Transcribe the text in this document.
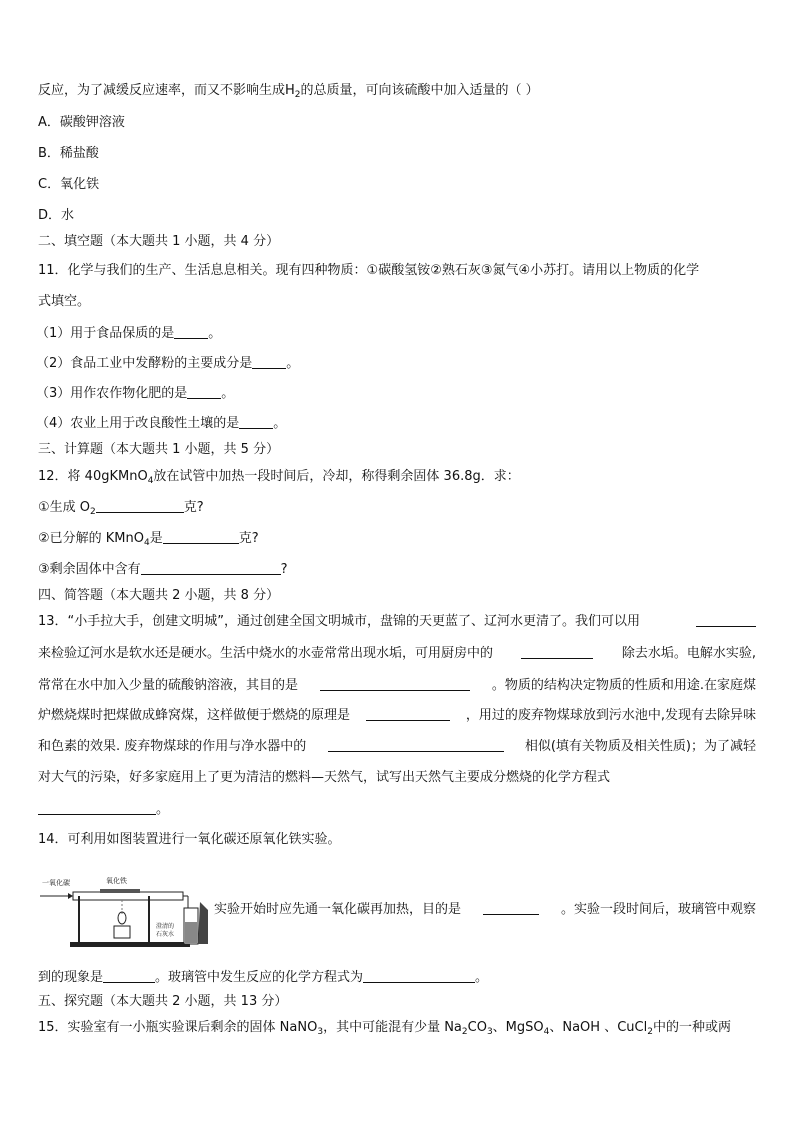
反应，为了减缓反应速率，而又不影响生成$H_2$的总质量，可向该硫酸中加入适量的（ ）
A．碳酸钾溶液
B．稀盐酸
C．氧化铁
D．水
二、填空题（本大题共 1 小题，共 4 分）
11．化学与我们的生产、生活息息相关。现有四种物质：①碳酸氢铵②熟石灰③氮气④小苏打。请用以上物质的化学
式填空。
（1）用于食品保质的是	。
（2）食品工业中发酵粉的主要成分是	。
（3）用作农作物化肥的是	。
（4）农业上用于改良酸性土壤的是	。
三、计算题（本大题共 1 小题，共 5 分）
12．将 40gKMnO$_4$放在试管中加热一段时间后，冷却，称得剩余固体 36.8g．求：
①生成 $O_2$	克?
②已分解的 KMnO$_4$是	克?
③剩余固体中含有	?
四、简答题（本大题共 2 小题，共 8 分）
13．“小手拉大手，创建文明城”，通过创建全国文明城市，盘锦的天更蓝了、辽河水更清了。我们可以用
来检验辽河水是软水还是硬水。生活中烧水的水壶常常出现水垢，可用厨房中的	除去水垢。电解水实验,
常常在水中加入少量的硫酸钠溶液，其目的是	。物质的结构决定物质的性质和用途.在家庭煤
炉燃烧煤时把煤做成蜂窝煤，这样做便于燃烧的原理是	，用过的废弃物煤球放到污水池中,发现有去除异味
和色素的效果. 废弃物煤球的作用与净水器中的	相似(填有关物质及相关性质)；为了减轻
对大气的污染，好多家庭用上了更为清洁的燃料—天然气，试写出天然气主要成分燃烧的化学方程式
。
14．可利用如图装置进行一氧化碳还原氧化铁实验。
一氧化碳	氧化铁
澄清的
石灰水
实验开始时应先通一氧化碳再加热，目的是	。实验一段时间后，玻璃管中观察
到的现象是	。玻璃管中发生反应的化学方程式为	。
五、探究题（本大题共 2 小题，共 13 分）
15．实验室有一小瓶实验课后剩余的固体 NaNO$_3$，其中可能混有少量 $Na_2CO_3$、MgSO$_4$、NaOH 、CuCl$_2$中的一种或两
